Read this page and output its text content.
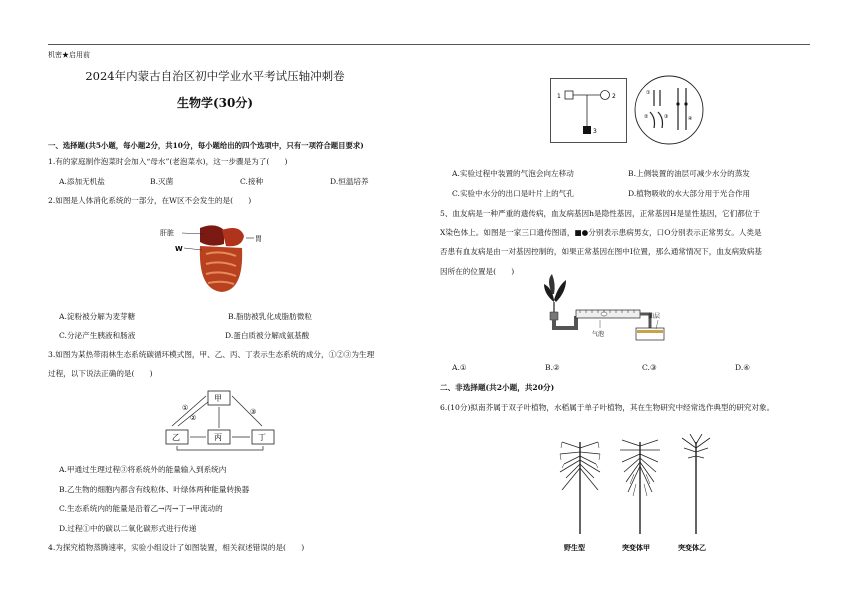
机密★启用前
2024年内蒙古自治区初中学业水平考试压轴冲刺卷
生物学(30分)
一、选择题(共5小题，每小题2分，共10分，每小题给出的四个选项中，只有一项符合题目要求)
1.有的家庭制作泡菜时会加入“母水”(老泡菜水)，这一步骤是为了(　　)
A.添加无机盐	B.灭菌	C.接种	D.恒温培养
2.如图是人体消化系统的一部分，在W区不会发生的是(　　)
肝脏
胃
W
A.淀粉被分解为麦芽糖	B.脂肪被乳化成脂肪微粒
C.分泌产生胰液和肠液	D.蛋白质被分解成氨基酸
3.如图为某热带雨林生态系统碳循环模式图，甲、乙、丙、丁表示生态系统的成分，①②③为生理
过程，以下说法正确的是(　　)
甲
乙	丙	丁
①
②
③
A.甲通过生理过程③将系统外的能量输入到系统内
B.乙生物的细胞内都含有线粒体、叶绿体两种能量转换器
C.生态系统内的能量是沿着乙→丙→丁→甲流动的
D.过程①中的碳以二氧化碳形式进行传递
4.为探究植物蒸腾速率，实验小组设计了如图装置，相关叙述错误的是(　　)
1	2
3
①
②	③	④
A.实验过程中装置的气泡会向左移动	B.上侧装置的油层可减少水分的蒸发
C.实验中水分的出口是叶片上的气孔	D.植物吸收的水大部分用于光合作用
5、血友病是一种严重的遗传病，血友病基因h是隐性基因，正常基因H是显性基因，它们都位于
X染色体上。如图是一家三口遗传图谱，■●分别表示患病男女，口O分别表示正常男女。人类是
否患有血友病是由一对基因控制的，如果正常基因在图中I位置，那么通常情况下，血友病致病基
因所在的位置是(　　)
气泡
油层
A.①	B.②	C.③	D.④
二、非选择题(共2小题，共20分)
6.(10分)拟南芥属于双子叶植物，水稻属于单子叶植物，其在生物研究中经常选作典型的研究对象。
野生型	突变体甲	突变体乙
